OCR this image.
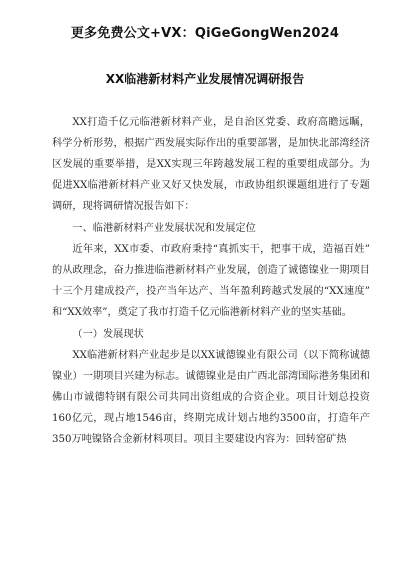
更多免费公文+VX：QiGeGongWen2024
XX临港新材料产业发展情况调研报告

XX打造千亿元临港新材料产业，是自治区党委、政府高瞻远瞩，科学分析形势，根据广西发展实际作出的重要部署，是加快北部湾经济区发展的重要举措，是XX实现三年跨越发展工程的重要组成部分。为促进XX临港新材料产业又好又快发展，市政协组织课题组进行了专题调研，现将调研情况报告如下：

一、临港新材料产业发展状况和发展定位

近年来，XX市委、市政府秉持“真抓实干，把事干成，造福百姓” 的从政理念，奋力推进临港新材料产业发展，创造了诚德镍业一期项目十三个月建成投产，投产当年达产、当年盈利跨越式发展的“XX速度” 和“XX效率”，奠定了我市打造千亿元临港新材料产业的坚实基础。

（一）发展现状

XX临港新材料产业起步是以XX诚德镍业有限公司（以下简称诚德镍业）一期项目兴建为标志。诚德镍业是由广西北部湾国际港务集团和佛山市诚德特钢有限公司共同出资组成的合资企业。项目计划总投资160亿元，现占地1546亩，终期完成计划占地约3500亩，打造年产350万吨镍铬合金新材料项目。项目主要建设内容为：回转窑矿热
